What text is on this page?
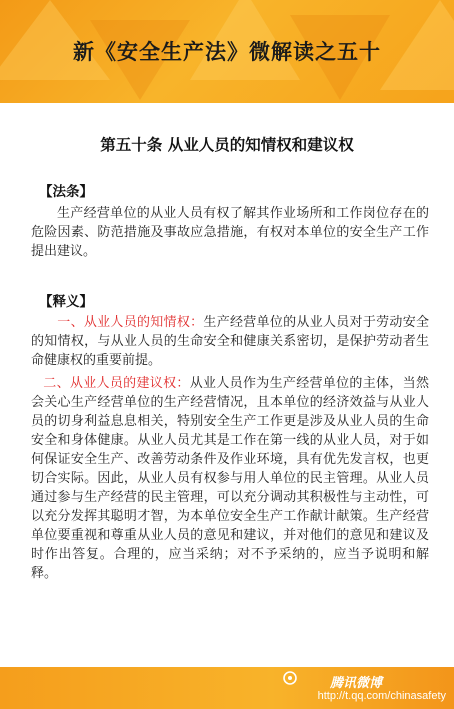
新《安全生产法》微解读之五十
第五十条 从业人员的知情权和建议权
【法条】

生产经营单位的从业人员有权了解其作业场所和工作岗位存在的危险因素、防范措施及事故应急措施，有权对本单位的安全生产工作提出建议。

【释义】

一、从业人员的知情权：生产经营单位的从业人员对于劳动安全的知情权，与从业人员的生命安全和健康关系密切，是保护劳动者生命健康权的重要前提。

二、从业人员的建议权：从业人员作为生产经营单位的主体，当然会关心生产经营单位的生产经营情况，且本单位的经济效益与从业人员的切身利益息息相关，特别安全生产工作更是涉及从业人员的生命安全和身体健康。从业人员尤其是工作在第一线的从业人员，对于如何保证安全生产、改善劳动条件及作业环境，具有优先发言权，也更切合实际。因此，从业人员有权参与用人单位的民主管理。从业人员通过参与生产经营的民主管理，可以充分调动其积极性与主动性，可以充分发挥其聪明才智，为本单位安全生产工作献计献策。生产经营单位要重视和尊重从业人员的意见和建议，并对他们的意见和建议及时作出答复。合理的，应当采纳；对不予采纳的，应当予说明和解释。

腾讯微博
http://t.qq.com/chinasafety
